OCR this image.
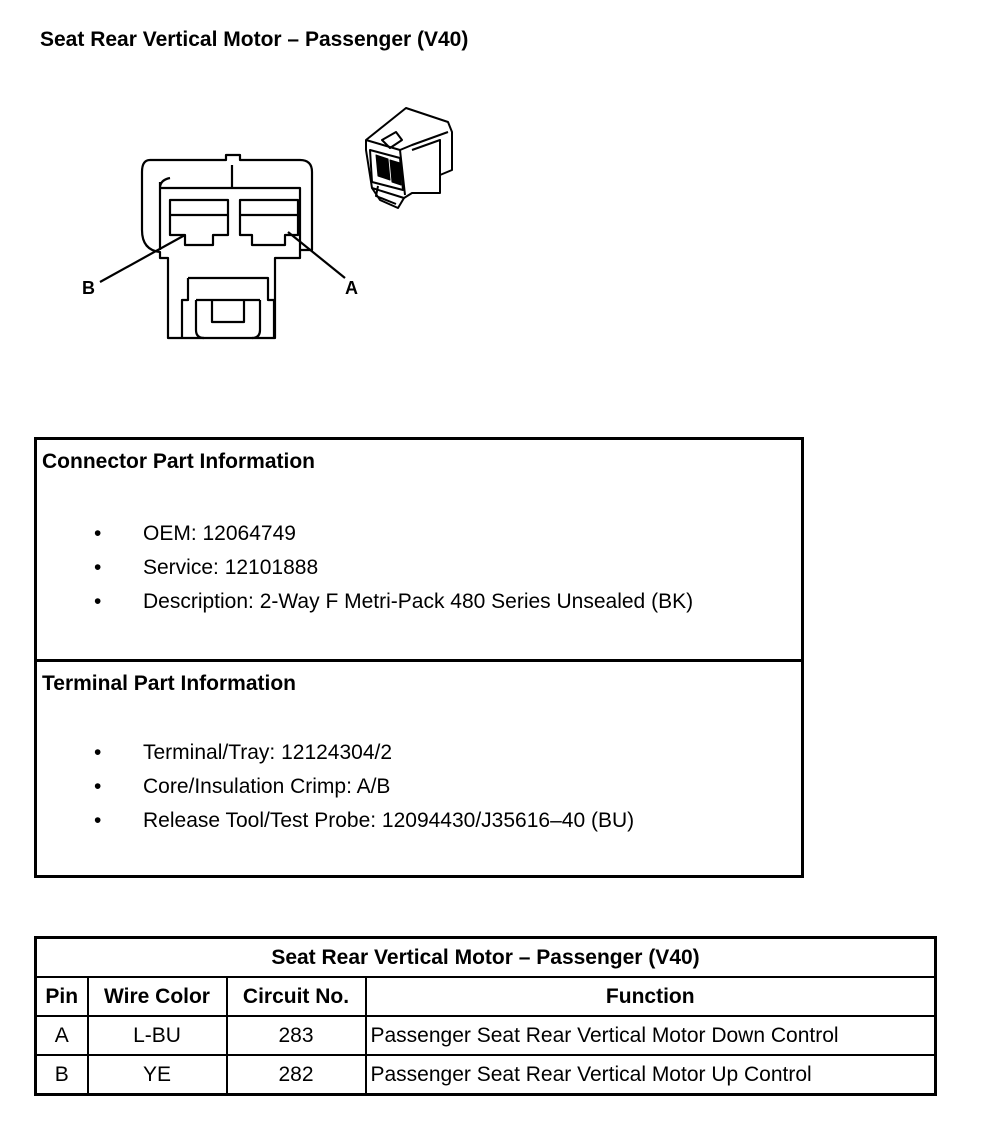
Seat Rear Vertical Motor – Passenger (V40)
B	A
Connector Part Information
• OEM: 12064749
• Service: 12101888
• Description: 2-Way F Metri-Pack 480 Series Unsealed (BK)
Terminal Part Information
• Terminal/Tray: 12124304/2
• Core/Insulation Crimp: A/B
• Release Tool/Test Probe: 12094430/J35616–40 (BU)
Seat Rear Vertical Motor – Passenger (V40)			
Pin	Wire Color	Circuit No.	Function
A	L-BU	283	Passenger Seat Rear Vertical Motor Down Control
B	YE	282	Passenger Seat Rear Vertical Motor Up Control
